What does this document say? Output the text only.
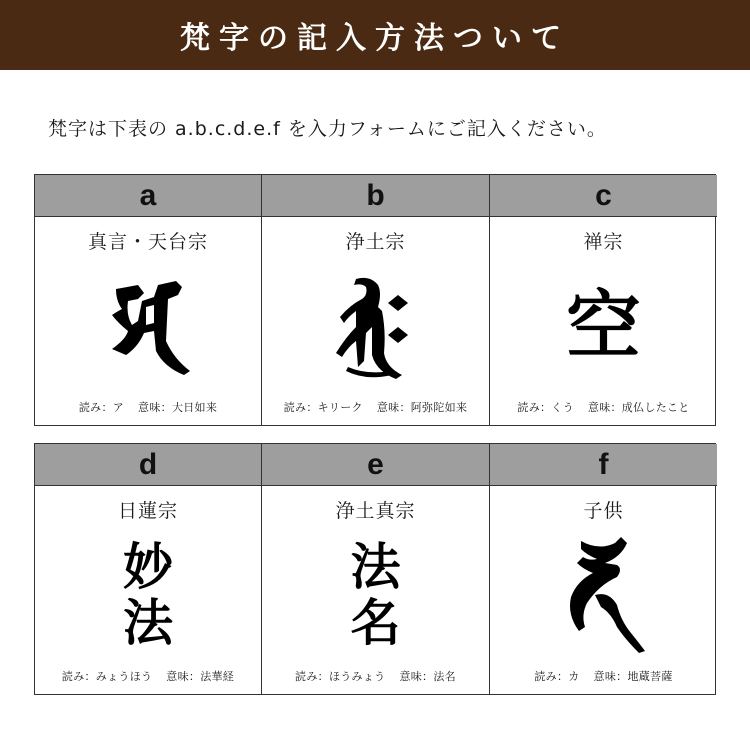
梵字の記入方法ついて
梵字は下表の a.b.c.d.e.f を入力フォームにご記入ください。
a
真言・天台宗
読み：ア 意味：大日如来
b
浄土宗
読み：キリーク 意味：阿弥陀如来
c
禅宗
空
読み：くう 意味：成仏したこと
d
日蓮宗
妙
法
読み：みょうほう 意味：法華経
e
浄土真宗
法
名
読み：ほうみょう 意味：法名
f
子供
読み：カ 意味：地蔵菩薩
